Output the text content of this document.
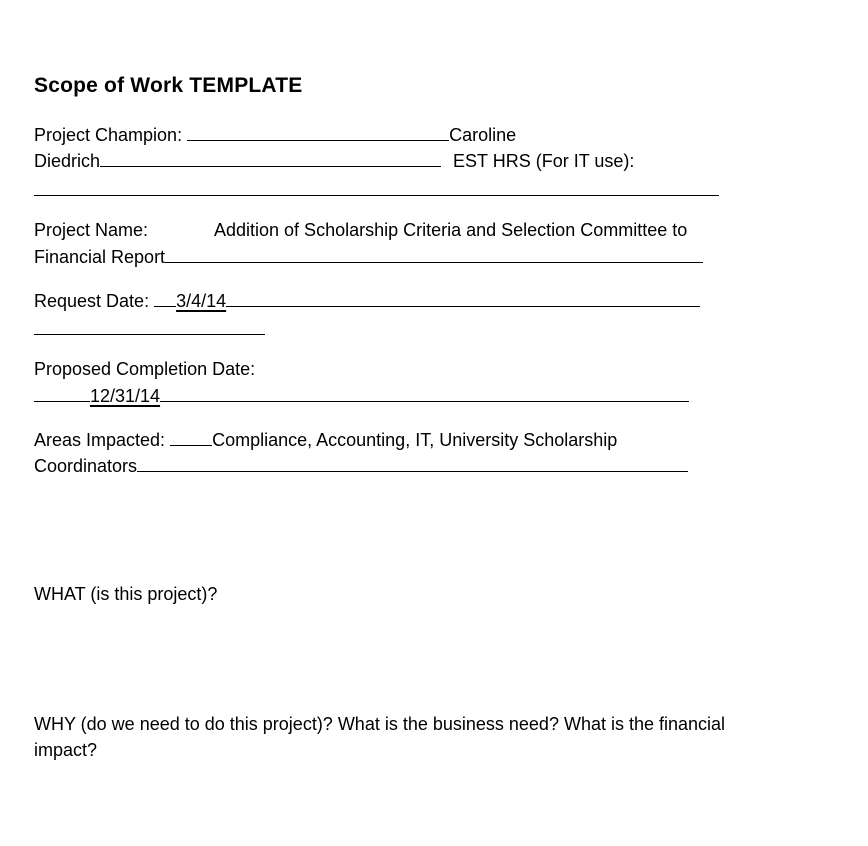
Scope of Work TEMPLATE
Project Champion:	Caroline
Diedrich	EST HRS (For IT use):
Project Name:	Addition of Scholarship Criteria and Selection Committee to
Financial Report
Request Date: 3/4/14
Proposed Completion Date:
12/31/14
Areas Impacted: Compliance, Accounting, IT, University Scholarship
Coordinators
WHAT (is this project)?
WHY (do we need to do this project)? What is the business need? What is the financial
impact?
